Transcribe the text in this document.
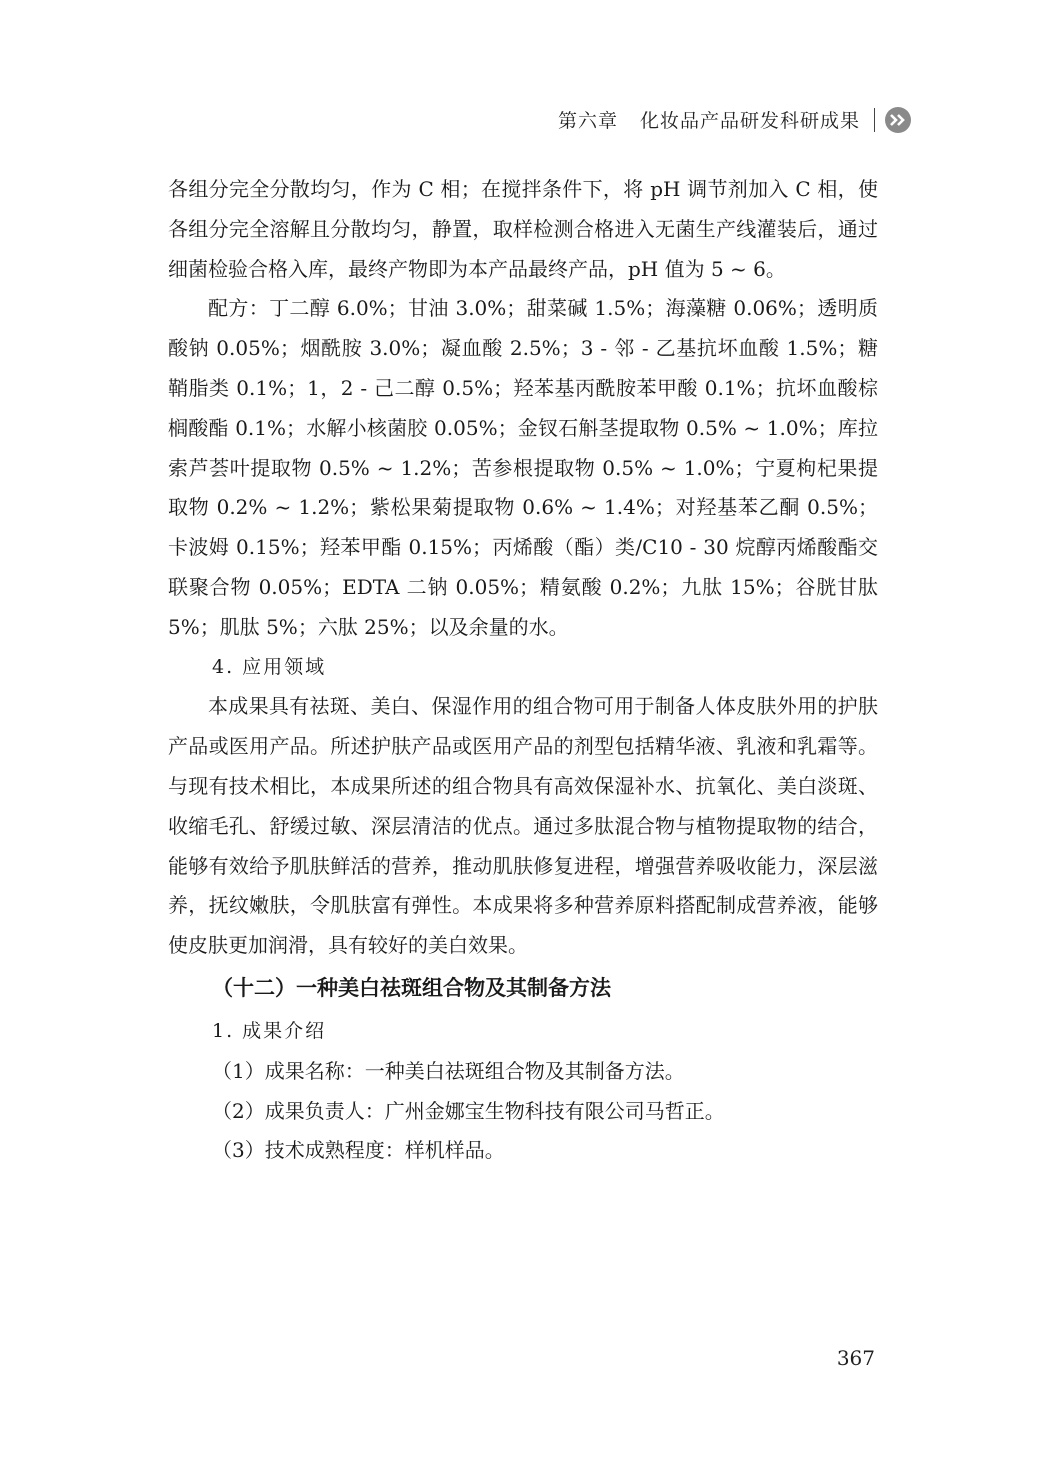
第六章 化妆品产品研发科研成果

各组分完全分散均匀，作为 C 相；在搅拌条件下，将 pH 调节剂加入 C 相，使各组分完全溶解且分散均匀，静置，取样检测合格进入无菌生产线灌装后，通过细菌检验合格入库，最终产物即为本产品最终产品，pH 值为 5 ~ 6。

配方：丁二醇 6.0%；甘油 3.0%；甜菜碱 1.5%；海藻糖 0.06%；透明质酸钠 0.05%；烟酰胺 3.0%；凝血酸 2.5%；3 - 邻 - 乙基抗坏血酸 1.5%；糖鞘脂类 0.1%；1，2 - 己二醇 0.5%；羟苯基丙酰胺苯甲酸 0.1%；抗坏血酸棕榈酸酯 0.1%；水解小核菌胶 0.05%；金钗石斛茎提取物 0.5% ~ 1.0%；库拉索芦荟叶提取物 0.5% ~ 1.2%；苦参根提取物 0.5% ~ 1.0%；宁夏枸杞果提取物 0.2% ~ 1.2%；紫松果菊提取物 0.6% ~ 1.4%；对羟基苯乙酮 0.5%；卡波姆 0.15%；羟苯甲酯 0.15%；丙烯酸（酯）类/C10 - 30 烷醇丙烯酸酯交联聚合物 0.05%；EDTA 二钠 0.05%；精氨酸 0.2%；九肽 15%；谷胱甘肽 5%；肌肽 5%；六肽 25%；以及余量的水。

4. 应用领域

本成果具有祛斑、美白、保湿作用的组合物可用于制备人体皮肤外用的护肤产品或医用产品。所述护肤产品或医用产品的剂型包括精华液、乳液和乳霜等。与现有技术相比，本成果所述的组合物具有高效保湿补水、抗氧化、美白淡斑、收缩毛孔、舒缓过敏、深层清洁的优点。通过多肽混合物与植物提取物的结合，能够有效给予肌肤鲜活的营养，推动肌肤修复进程，增强营养吸收能力，深层滋养，抚纹嫩肤，令肌肤富有弹性。本成果将多种营养原料搭配制成营养液，能够使皮肤更加润滑，具有较好的美白效果。

（十二）一种美白祛斑组合物及其制备方法

1. 成果介绍

（1）成果名称：一种美白祛斑组合物及其制备方法。

（2）成果负责人：广州金娜宝生物科技有限公司马哲正。

（3）技术成熟程度：样机样品。

367
